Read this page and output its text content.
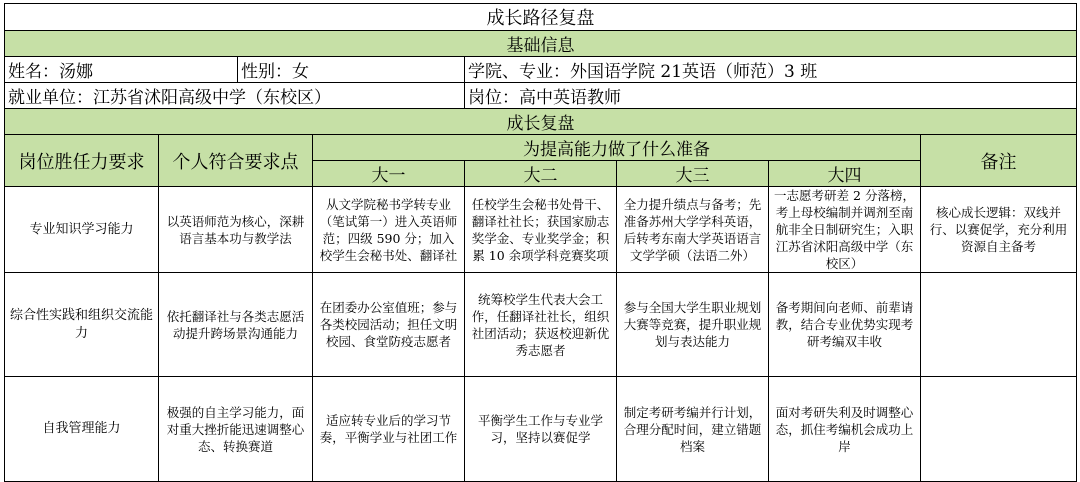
成长路径复盘							
基础信息							
姓名：汤娜		性别：女		学院、专业：外国语学院 21英语（师范）3 班			
就业单位：江苏省沭阳高级中学（东校区）				岗位：高中英语教师			
成长复盘							
岗位胜任力要求	个人符合要求点		为提高能力做了什么准备				备注
			大一	大二	大三	大四	
专业知识学习能力	以英语师范为核心，深耕语言基本功与教学法		从文学院秘书学转专业（笔试第一）进入英语师范；四级 590 分；加入校学生会秘书处、翻译社	任校学生会秘书处骨干、翻译社社长；获国家励志奖学金、专业奖学金；积累 10 余项学科竞赛奖项	全力提升绩点与备考；先准备苏州大学学科英语，后转考东南大学英语语言文学学硕（法语二外）	一志愿考研差 2 分落榜，考上母校编制并调剂至南航非全日制研究生；入职江苏省沭阳高级中学（东校区）	核心成长逻辑：双线并行、以赛促学，充分利用资源自主备考
综合性实践和组织交流能力	依托翻译社与各类志愿活动提升跨场景沟通能力		在团委办公室值班；参与各类校园活动；担任文明校园、食堂防疫志愿者	统筹校学生代表大会工作，任翻译社社长，组织社团活动；获返校迎新优秀志愿者	参与全国大学生职业规划大赛等竞赛，提升职业规划与表达能力	备考期间向老师、前辈请教，结合专业优势实现考研考编双丰收	
自我管理能力	极强的自主学习能力，面对重大挫折能迅速调整心态、转换赛道		适应转专业后的学习节奏，平衡学业与社团工作	平衡学生工作与专业学习，坚持以赛促学	制定考研考编并行计划，合理分配时间，建立错题档案	面对考研失利及时调整心态，抓住考编机会成功上岸	
